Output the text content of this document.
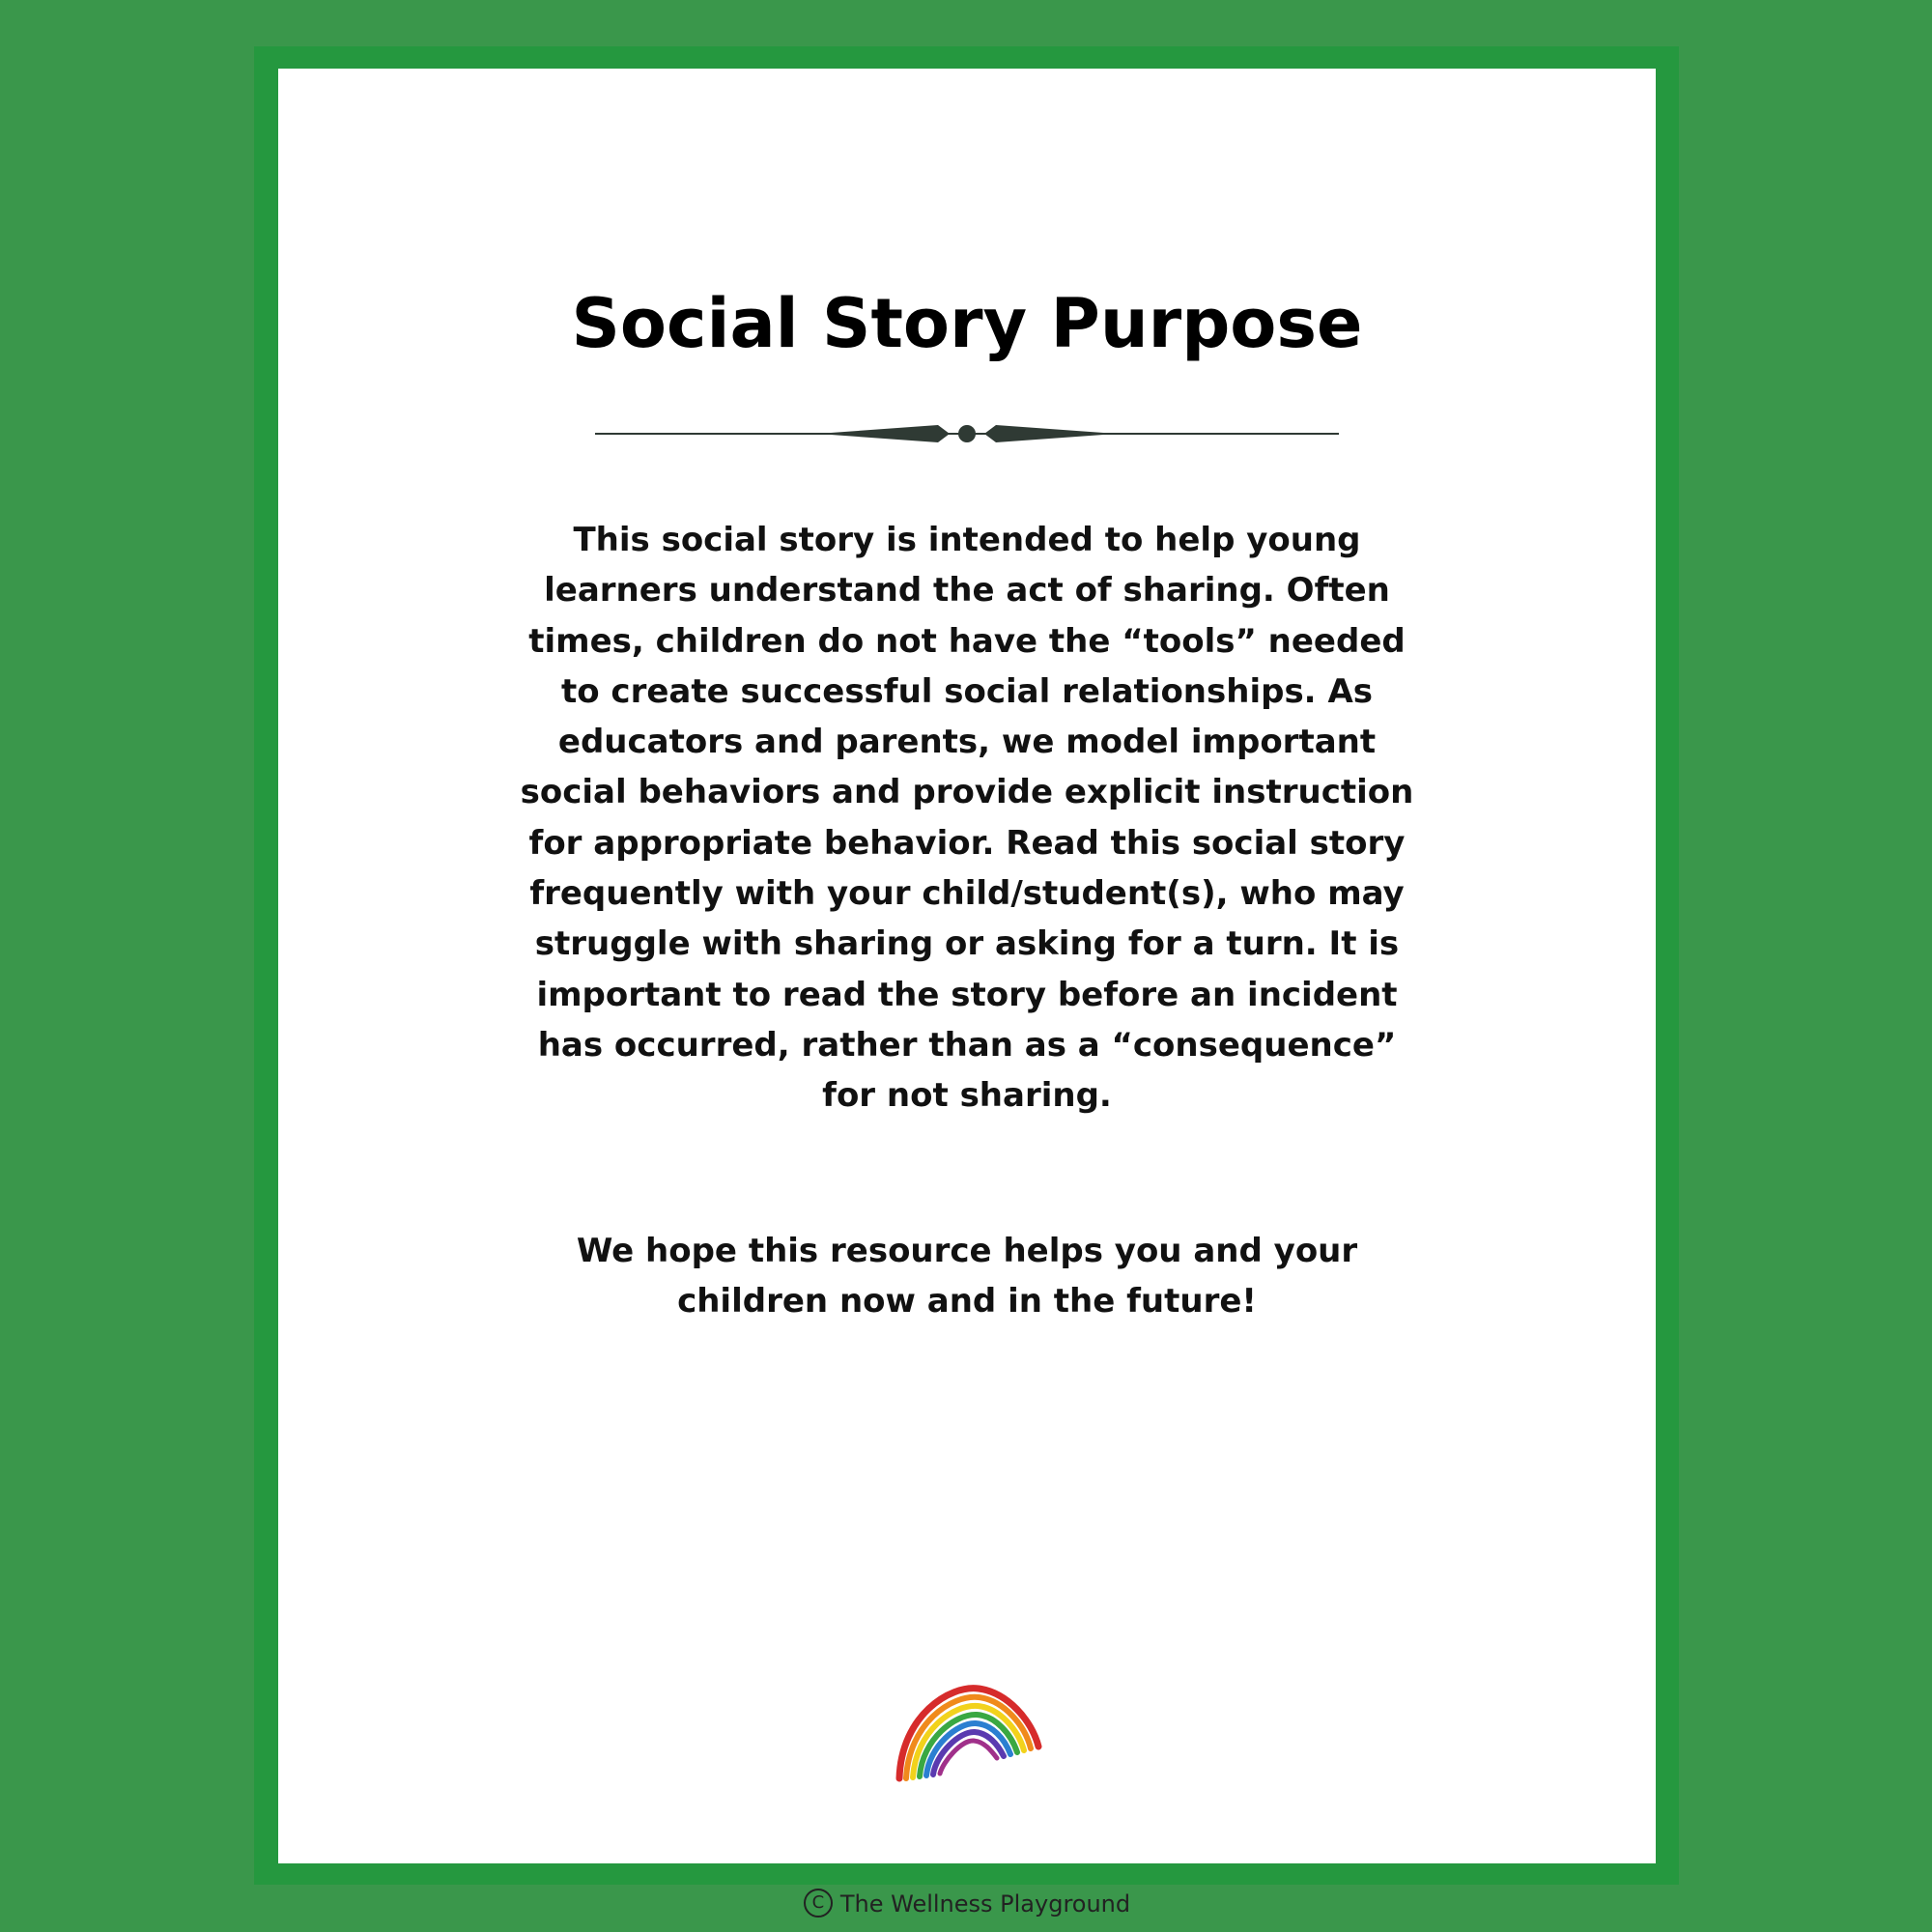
Social Story Purpose

This social story is intended to help young learners understand the act of sharing. Often times, children do not have the “tools” needed to create successful social relationships. As educators and parents, we model important social behaviors and provide explicit instruction for appropriate behavior. Read this social story frequently with your child/student(s), who may struggle with sharing or asking for a turn. It is important to read the story before an incident has occurred, rather than as a “consequence” for not sharing.

We hope this resource helps you and your children now and in the future!

C The Wellness Playground
